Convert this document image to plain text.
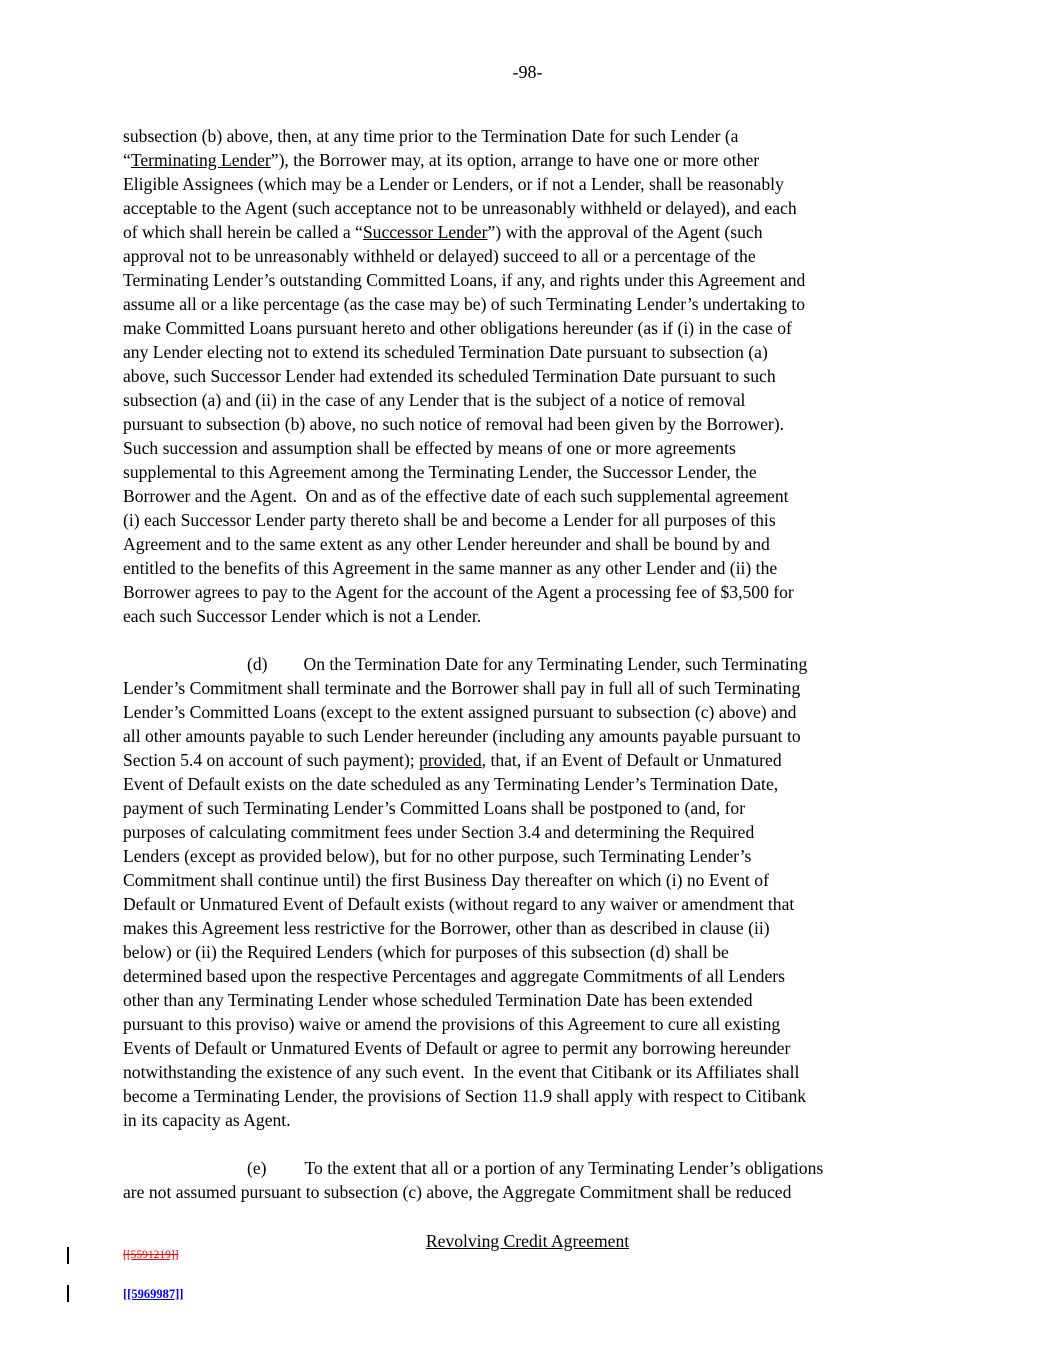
-98-
subsection (b) above, then, at any time prior to the Termination Date for such Lender (a
“Terminating Lender”), the Borrower may, at its option, arrange to have one or more other
Eligible Assignees (which may be a Lender or Lenders, or if not a Lender, shall be reasonably
acceptable to the Agent (such acceptance not to be unreasonably withheld or delayed), and each
of which shall herein be called a “Successor Lender”) with the approval of the Agent (such
approval not to be unreasonably withheld or delayed) succeed to all or a percentage of the
Terminating Lender’s outstanding Committed Loans, if any, and rights under this Agreement and
assume all or a like percentage (as the case may be) of such Terminating Lender’s undertaking to
make Committed Loans pursuant hereto and other obligations hereunder (as if (i) in the case of
any Lender electing not to extend its scheduled Termination Date pursuant to subsection (a)
above, such Successor Lender had extended its scheduled Termination Date pursuant to such
subsection (a) and (ii) in the case of any Lender that is the subject of a notice of removal
pursuant to subsection (b) above, no such notice of removal had been given by the Borrower).
Such succession and assumption shall be effected by means of one or more agreements
supplemental to this Agreement among the Terminating Lender, the Successor Lender, the
Borrower and the Agent.  On and as of the effective date of each such supplemental agreement
(i) each Successor Lender party thereto shall be and become a Lender for all purposes of this
Agreement and to the same extent as any other Lender hereunder and shall be bound by and
entitled to the benefits of this Agreement in the same manner as any other Lender and (ii) the
Borrower agrees to pay to the Agent for the account of the Agent a processing fee of $3,500 for
each such Successor Lender which is not a Lender.
(d) On the Termination Date for any Terminating Lender, such Terminating
Lender’s Commitment shall terminate and the Borrower shall pay in full all of such Terminating
Lender’s Committed Loans (except to the extent assigned pursuant to subsection (c) above) and
all other amounts payable to such Lender hereunder (including any amounts payable pursuant to
Section 5.4 on account of such payment); provided, that, if an Event of Default or Unmatured
Event of Default exists on the date scheduled as any Terminating Lender’s Termination Date,
payment of such Terminating Lender’s Committed Loans shall be postponed to (and, for
purposes of calculating commitment fees under Section 3.4 and determining the Required
Lenders (except as provided below), but for no other purpose, such Terminating Lender’s
Commitment shall continue until) the first Business Day thereafter on which (i) no Event of
Default or Unmatured Event of Default exists (without regard to any waiver or amendment that
makes this Agreement less restrictive for the Borrower, other than as described in clause (ii)
below) or (ii) the Required Lenders (which for purposes of this subsection (d) shall be
determined based upon the respective Percentages and aggregate Commitments of all Lenders
other than any Terminating Lender whose scheduled Termination Date has been extended
pursuant to this proviso) waive or amend the provisions of this Agreement to cure all existing
Events of Default or Unmatured Events of Default or agree to permit any borrowing hereunder
notwithstanding the existence of any such event.  In the event that Citibank or its Affiliates shall
become a Terminating Lender, the provisions of Section 11.9 shall apply with respect to Citibank
in its capacity as Agent.
(e) To the extent that all or a portion of any Terminating Lender’s obligations
are not assumed pursuant to subsection (c) above, the Aggregate Commitment shall be reduced
Revolving Credit Agreement
[[5591219]]
[[5969987]]
